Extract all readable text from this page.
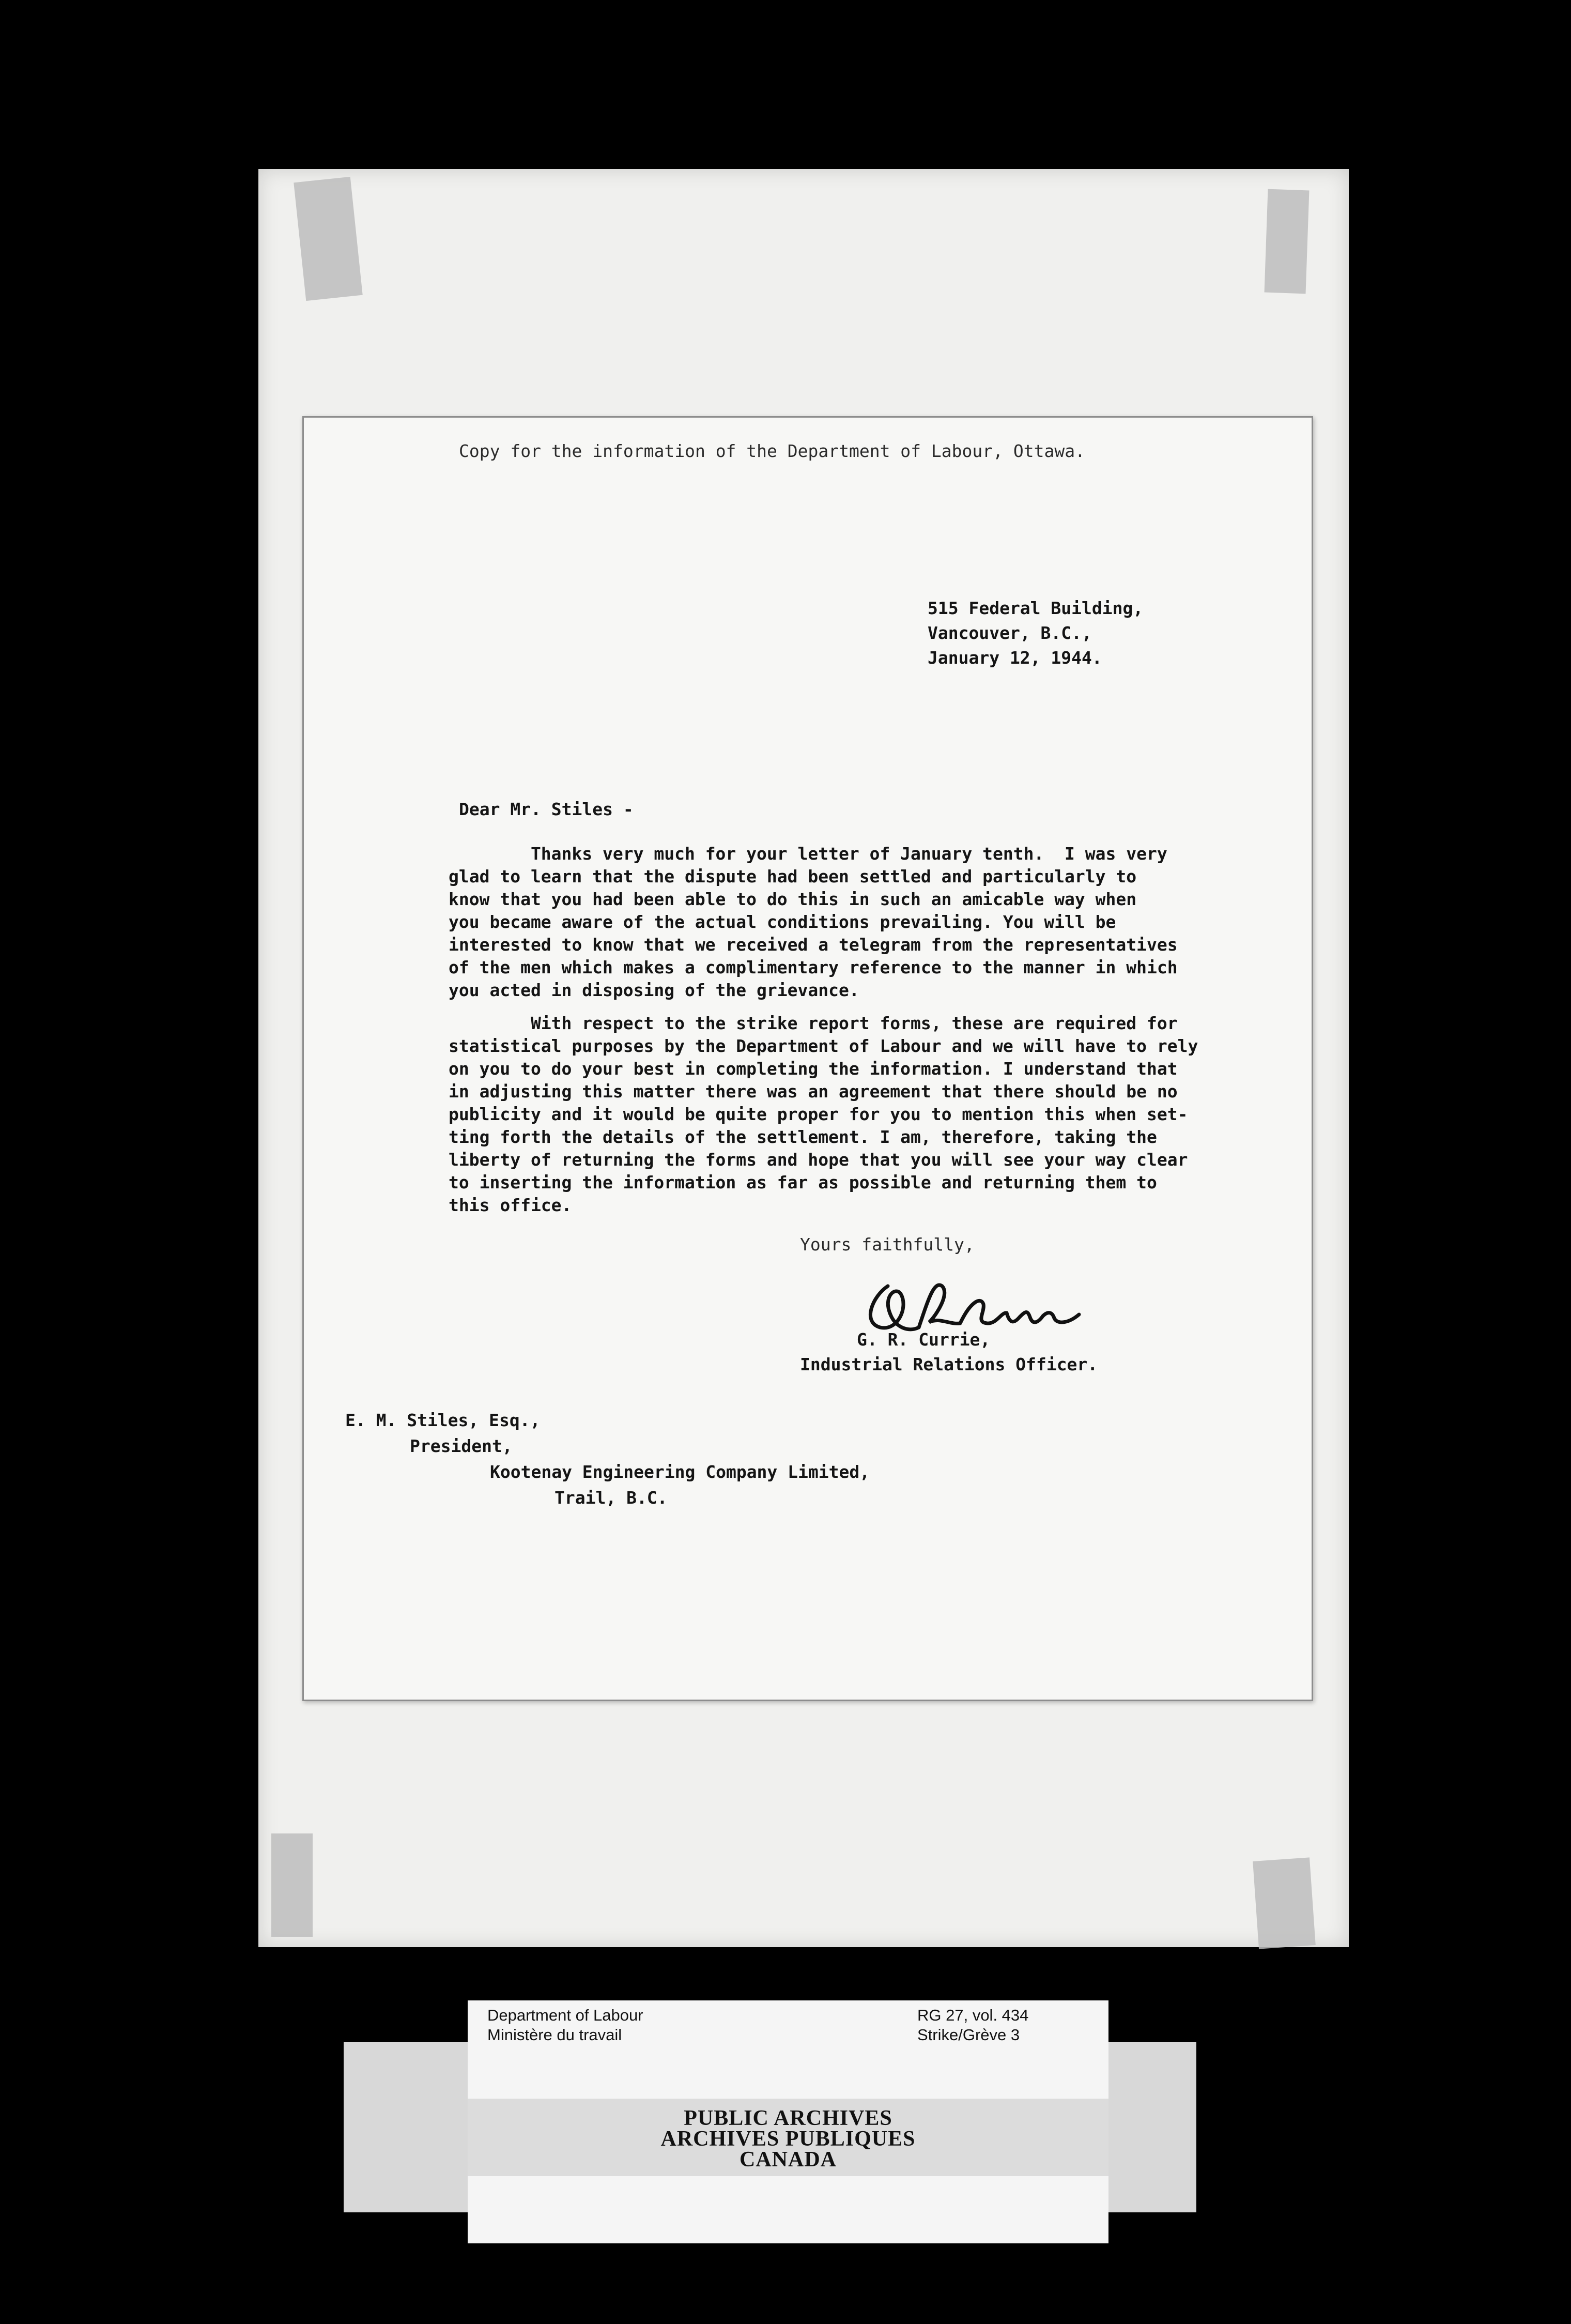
Copy for the information of the Department of Labour, Ottawa.
515 Federal Building,
Vancouver, B.C.,
January 12, 1944.
Dear Mr. Stiles -
Thanks very much for your letter of January tenth.  I was very
glad to learn that the dispute had been settled and particularly to
know that you had been able to do this in such an amicable way when
you became aware of the actual conditions prevailing. You will be
interested to know that we received a telegram from the representatives
of the men which makes a complimentary reference to the manner in which
you acted in disposing of the grievance.
With respect to the strike report forms, these are required for
statistical purposes by the Department of Labour and we will have to rely
on you to do your best in completing the information. I understand that
in adjusting this matter there was an agreement that there should be no
publicity and it would be quite proper for you to mention this when set-
ting forth the details of the settlement. I am, therefore, taking the
liberty of returning the forms and hope that you will see your way clear
to inserting the information as far as possible and returning them to
this office.
Yours faithfully,
G. R. Currie,
Industrial Relations Officer.
E. M. Stiles, Esq.,
President,
Kootenay Engineering Company Limited,
Trail, B.C.
Department of Labour
Ministère du travail
RG 27, vol. 434
Strike/Grève 3
PUBLIC ARCHIVES
ARCHIVES PUBLIQUES
CANADA
